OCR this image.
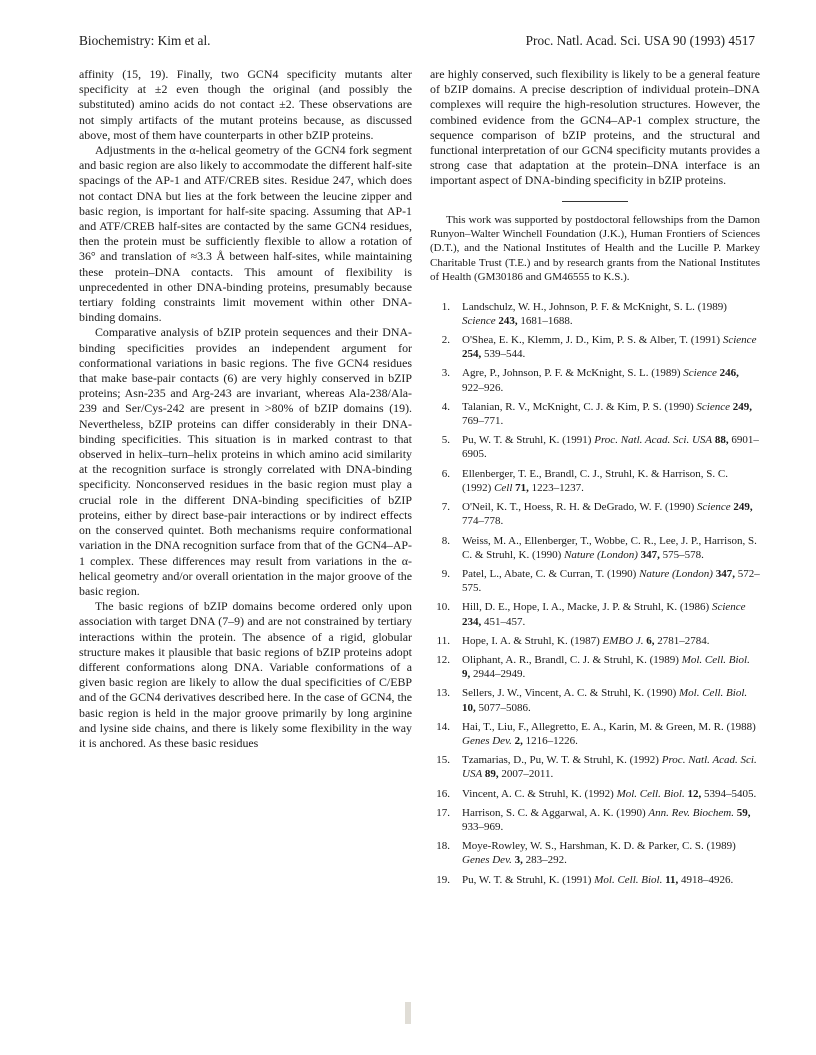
Biochemistry: Kim et al.	Proc. Natl. Acad. Sci. USA 90 (1993) 4517

affinity (15, 19). Finally, two GCN4 specificity mutants alter specificity at ±2 even though the original (and possibly the substituted) amino acids do not contact ±2. These observations are not simply artifacts of the mutant proteins because, as discussed above, most of them have counterparts in other bZIP proteins.

Adjustments in the α-helical geometry of the GCN4 fork segment and basic region are also likely to accommodate the different half-site spacings of the AP-1 and ATF/CREB sites. Residue 247, which does not contact DNA but lies at the fork between the leucine zipper and basic region, is important for half-site spacing. Assuming that AP-1 and ATF/CREB half-sites are contacted by the same GCN4 residues, then the protein must be sufficiently flexible to allow a rotation of 36° and translation of ≈3.3 Å between half-sites, while maintaining these protein–DNA contacts. This amount of flexibility is unprecedented in other DNA-binding proteins, presumably because tertiary folding constraints limit movement within other DNA-binding domains.

Comparative analysis of bZIP protein sequences and their DNA-binding specificities provides an independent argument for conformational variations in basic regions. The five GCN4 residues that make base-pair contacts (6) are very highly conserved in bZIP proteins; Asn-235 and Arg-243 are invariant, whereas Ala-238/Ala-239 and Ser/Cys-242 are present in >80% of bZIP domains (19). Nevertheless, bZIP proteins can differ considerably in their DNA-binding specificities. This situation is in marked contrast to that observed in helix–turn–helix proteins in which amino acid similarity at the recognition surface is strongly correlated with DNA-binding specificity. Nonconserved residues in the basic region must play a crucial role in the different DNA-binding specificities of bZIP proteins, either by direct base-pair interactions or by indirect effects on the conserved quintet. Both mechanisms require conformational variation in the DNA recognition surface from that of the GCN4–AP-1 complex. These differences may result from variations in the α-helical geometry and/or overall orientation in the major groove of the basic region.

The basic regions of bZIP domains become ordered only upon association with target DNA (7–9) and are not constrained by tertiary interactions within the protein. The absence of a rigid, globular structure makes it plausible that basic regions of bZIP proteins adopt different conformations along DNA. Variable conformations of a given basic region are likely to allow the dual specificities of C/EBP and of the GCN4 derivatives described here. In the case of GCN4, the basic region is held in the major groove primarily by long arginine and lysine side chains, and there is likely some flexibility in the way it is anchored. As these basic residues

are highly conserved, such flexibility is likely to be a general feature of bZIP domains. A precise description of individual protein–DNA complexes will require the high-resolution structures. However, the combined evidence from the GCN4–AP-1 complex structure, the sequence comparison of bZIP proteins, and the structural and functional interpretation of our GCN4 specificity mutants provides a strong case that adaptation at the protein–DNA interface is an important aspect of DNA-binding specificity in bZIP proteins.

This work was supported by postdoctoral fellowships from the Damon Runyon–Walter Winchell Foundation (J.K.), Human Frontiers of Sciences (D.T.), and the National Institutes of Health and the Lucille P. Markey Charitable Trust (T.E.) and by research grants from the National Institutes of Health (GM30186 and GM46555 to K.S.).

1. Landschulz, W. H., Johnson, P. F. & McKnight, S. L. (1989) Science 243, 1681–1688.
2. O'Shea, E. K., Klemm, J. D., Kim, P. S. & Alber, T. (1991) Science 254, 539–544.
3. Agre, P., Johnson, P. F. & McKnight, S. L. (1989) Science 246, 922–926.
4. Talanian, R. V., McKnight, C. J. & Kim, P. S. (1990) Science 249, 769–771.
5. Pu, W. T. & Struhl, K. (1991) Proc. Natl. Acad. Sci. USA 88, 6901–6905.
6. Ellenberger, T. E., Brandl, C. J., Struhl, K. & Harrison, S. C. (1992) Cell 71, 1223–1237.
7. O'Neil, K. T., Hoess, R. H. & DeGrado, W. F. (1990) Science 249, 774–778.
8. Weiss, M. A., Ellenberger, T., Wobbe, C. R., Lee, J. P., Harrison, S. C. & Struhl, K. (1990) Nature (London) 347, 575–578.
9. Patel, L., Abate, C. & Curran, T. (1990) Nature (London) 347, 572–575.
10. Hill, D. E., Hope, I. A., Macke, J. P. & Struhl, K. (1986) Science 234, 451–457.
11. Hope, I. A. & Struhl, K. (1987) EMBO J. 6, 2781–2784.
12. Oliphant, A. R., Brandl, C. J. & Struhl, K. (1989) Mol. Cell. Biol. 9, 2944–2949.
13. Sellers, J. W., Vincent, A. C. & Struhl, K. (1990) Mol. Cell. Biol. 10, 5077–5086.
14. Hai, T., Liu, F., Allegretto, E. A., Karin, M. & Green, M. R. (1988) Genes Dev. 2, 1216–1226.
15. Tzamarias, D., Pu, W. T. & Struhl, K. (1992) Proc. Natl. Acad. Sci. USA 89, 2007–2011.
16. Vincent, A. C. & Struhl, K. (1992) Mol. Cell. Biol. 12, 5394–5405.
17. Harrison, S. C. & Aggarwal, A. K. (1990) Ann. Rev. Biochem. 59, 933–969.
18. Moye-Rowley, W. S., Harshman, K. D. & Parker, C. S. (1989) Genes Dev. 3, 283–292.
19. Pu, W. T. & Struhl, K. (1991) Mol. Cell. Biol. 11, 4918–4926.
